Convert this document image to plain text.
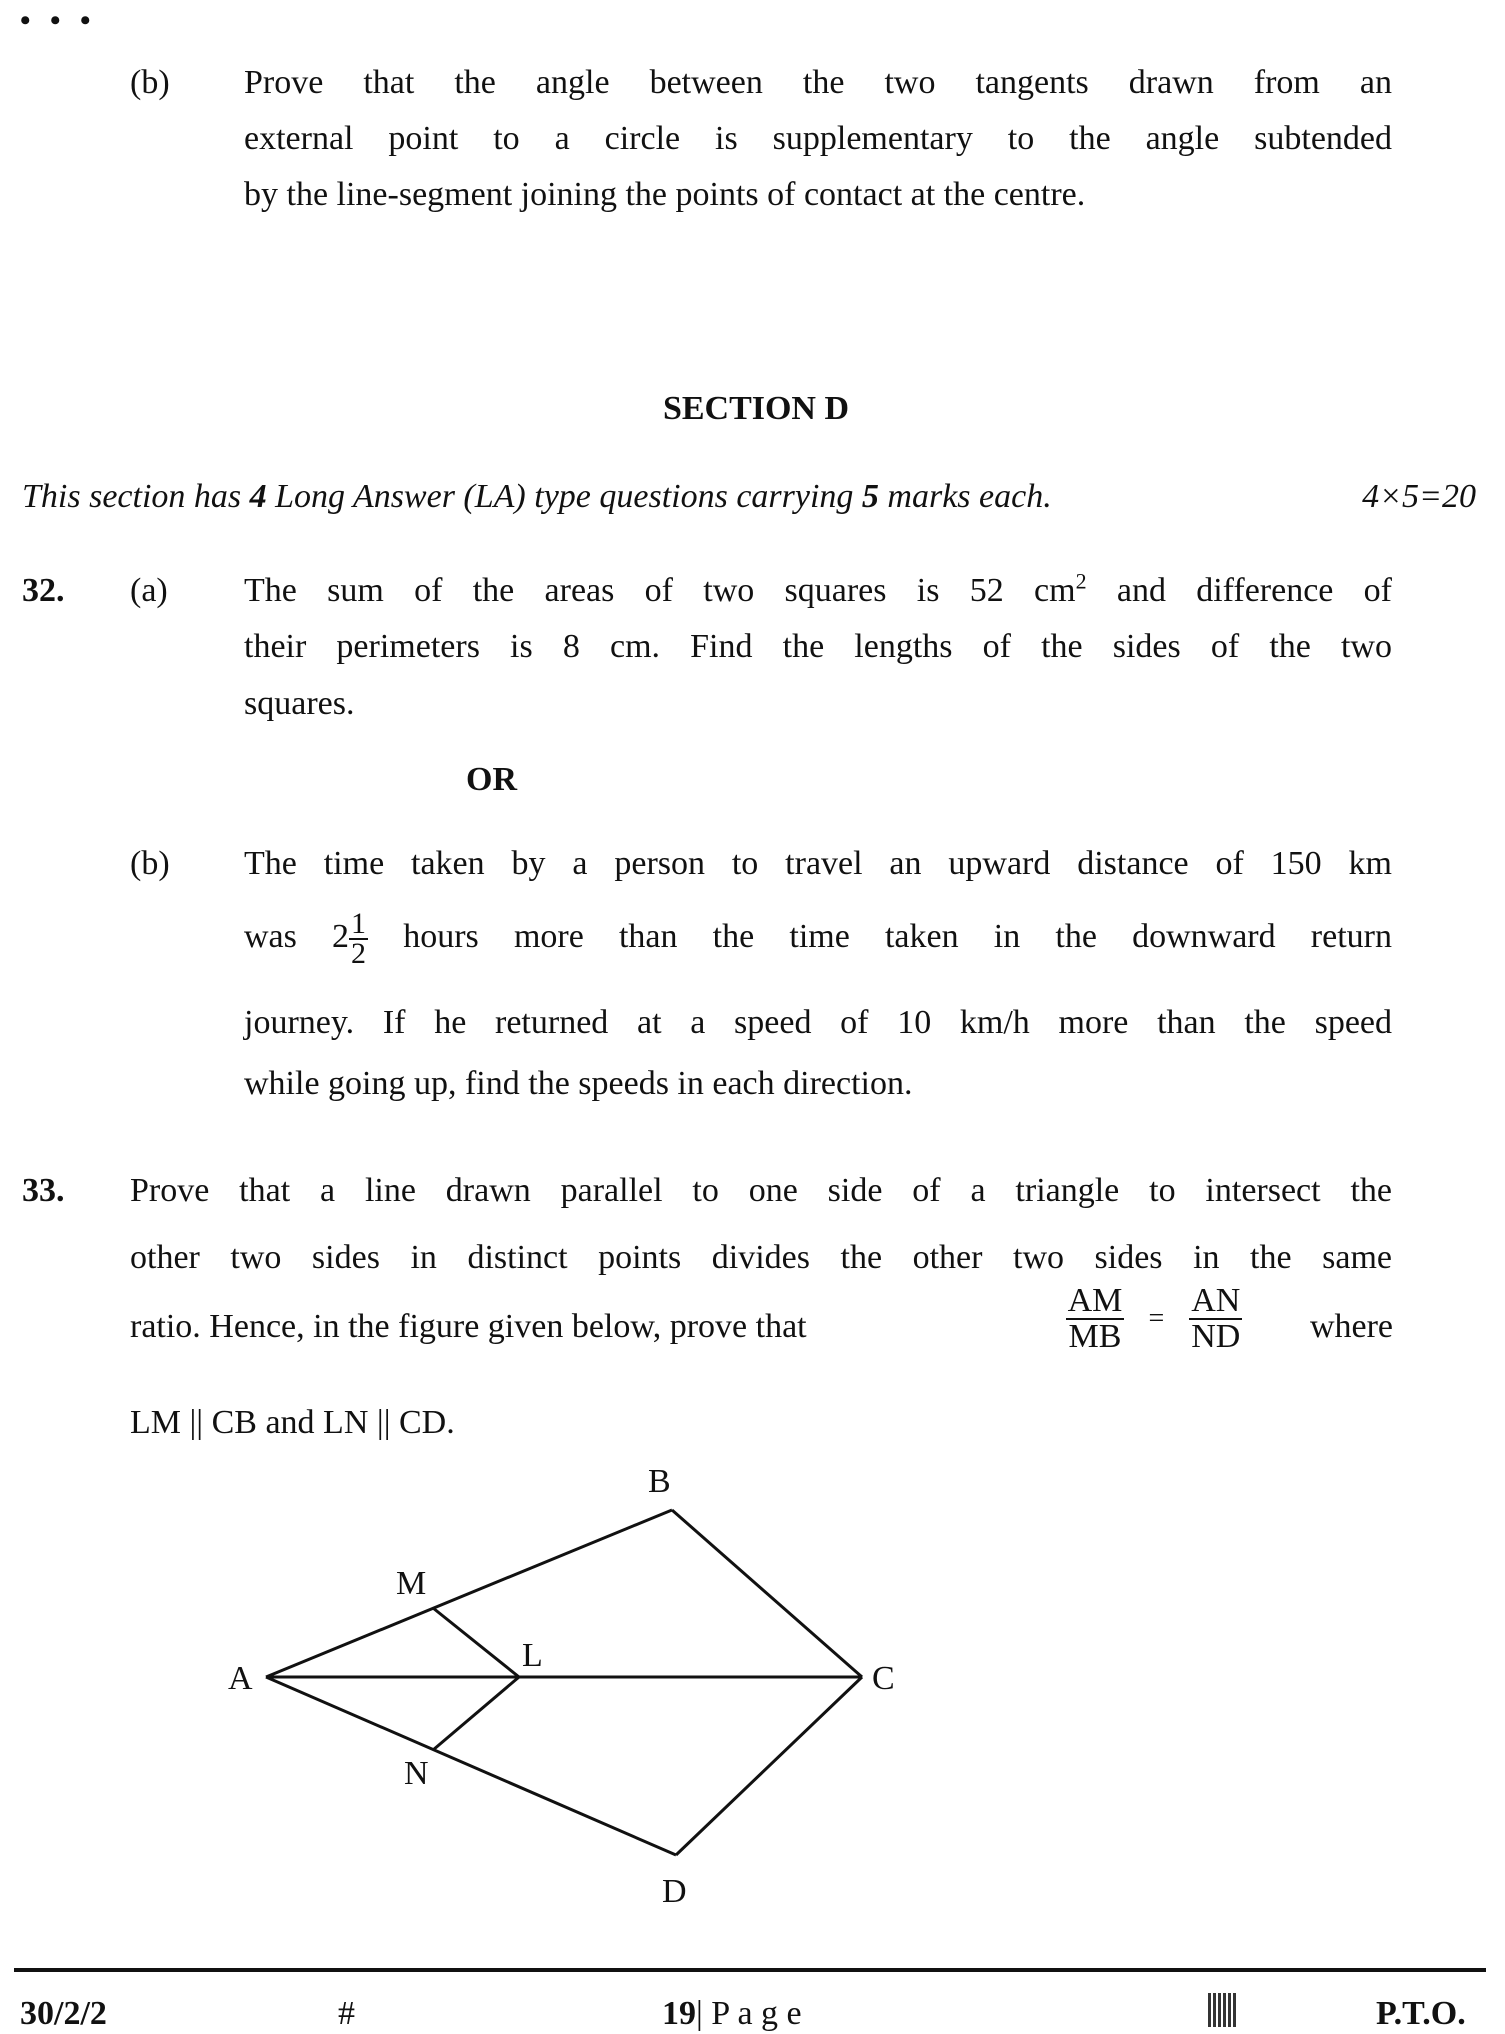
• • •
(b) Prove that the angle between the two tangents drawn from an
external point to a circle is supplementary to the angle subtended
by the line-segment joining the points of contact at the centre.
SECTION D
This section has 4 Long Answer (LA) type questions carrying 5 marks each.	4×5=20
32. (a) The sum of the areas of two squares is 52 $cm^2$ and difference of
their perimeters is 8 cm. Find the lengths of the sides of the two
squares.
OR
(b) The time taken by a person to travel an upward distance of 150 km
was $2 \frac{1}{2}$ hours more than the time taken in the downward return
journey. If he returned at a speed of 10 km/h more than the speed
while going up, find the speeds in each direction.
33. Prove that a line drawn parallel to one side of a triangle to intersect the
other two sides in distinct points divides the other two sides in the same
ratio. Hence, in the figure given below, prove that	$\frac{AM}{MB} = \frac{AN}{ND}$ where
LM || CB and LN || CD.
A
B
C
D
L
M
N
30/2/2	#	19| P a g e	P.T.O.
